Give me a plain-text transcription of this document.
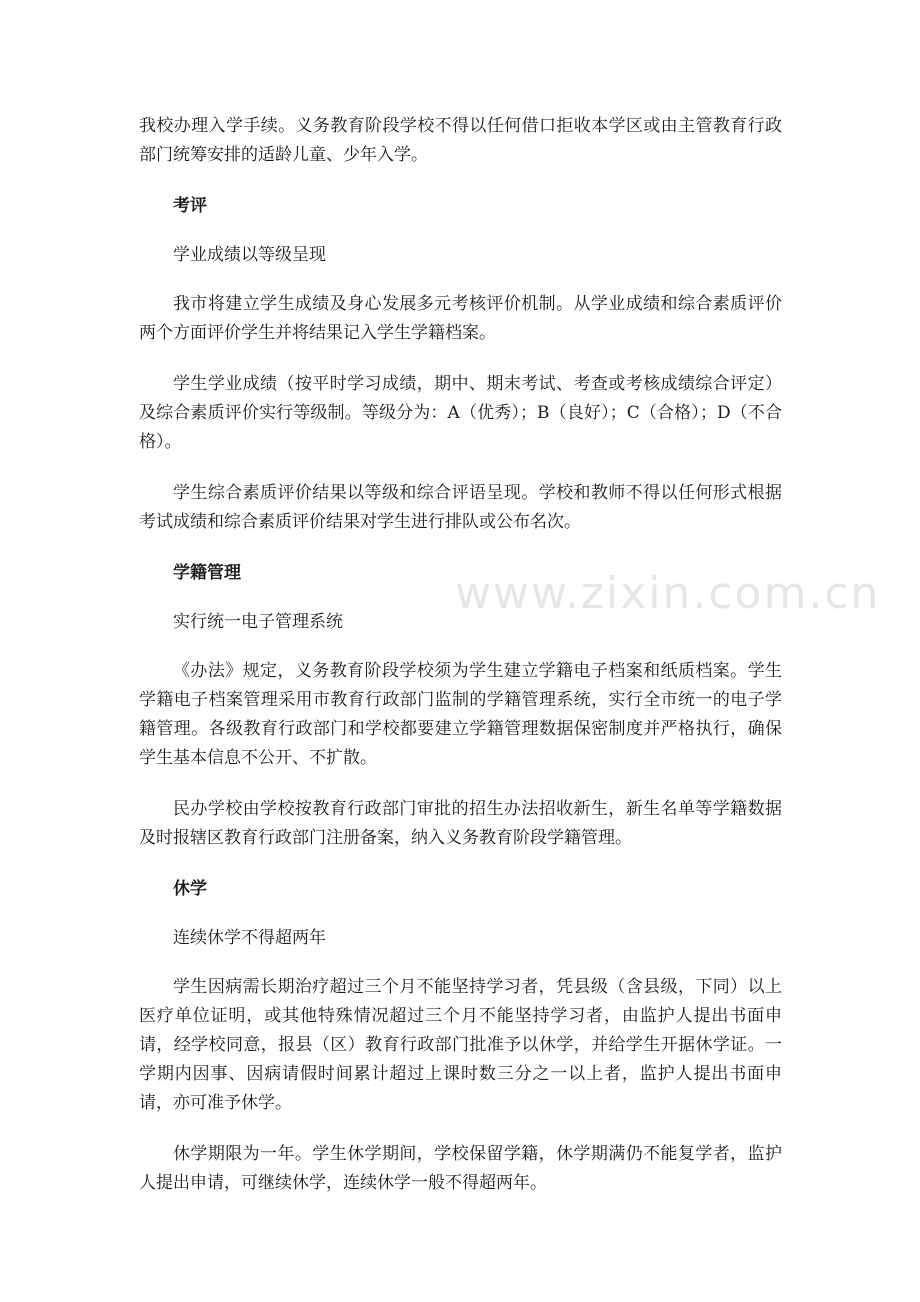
www.zixin.com.cn

我校办理入学手续。义务教育阶段学校不得以任何借口拒收本学区或由主管教育行政部门统筹安排的适龄儿童、少年入学。

考评

学业成绩以等级呈现

我市将建立学生成绩及身心发展多元考核评价机制。从学业成绩和综合素质评价两个方面评价学生并将结果记入学生学籍档案。

学生学业成绩（按平时学习成绩，期中、期末考试、考查或考核成绩综合评定）及综合素质评价实行等级制。等级分为：A（优秀）；B（良好）；C（合格）；D（不合格）。

学生综合素质评价结果以等级和综合评语呈现。学校和教师不得以任何形式根据考试成绩和综合素质评价结果对学生进行排队或公布名次。

学籍管理

实行统一电子管理系统

《办法》规定，义务教育阶段学校须为学生建立学籍电子档案和纸质档案。学生学籍电子档案管理采用市教育行政部门监制的学籍管理系统，实行全市统一的电子学籍管理。各级教育行政部门和学校都要建立学籍管理数据保密制度并严格执行，确保学生基本信息不公开、不扩散。

民办学校由学校按教育行政部门审批的招生办法招收新生，新生名单等学籍数据及时报辖区教育行政部门注册备案，纳入义务教育阶段学籍管理。

休学

连续休学不得超两年

学生因病需长期治疗超过三个月不能坚持学习者，凭县级（含县级，下同）以上医疗单位证明，或其他特殊情况超过三个月不能坚持学习者，由监护人提出书面申请，经学校同意，报县（区）教育行政部门批准予以休学，并给学生开据休学证。一学期内因事、因病请假时间累计超过上课时数三分之一以上者，监护人提出书面申请，亦可准予休学。

休学期限为一年。学生休学期间，学校保留学籍，休学期满仍不能复学者，监护人提出申请，可继续休学，连续休学一般不得超两年。
